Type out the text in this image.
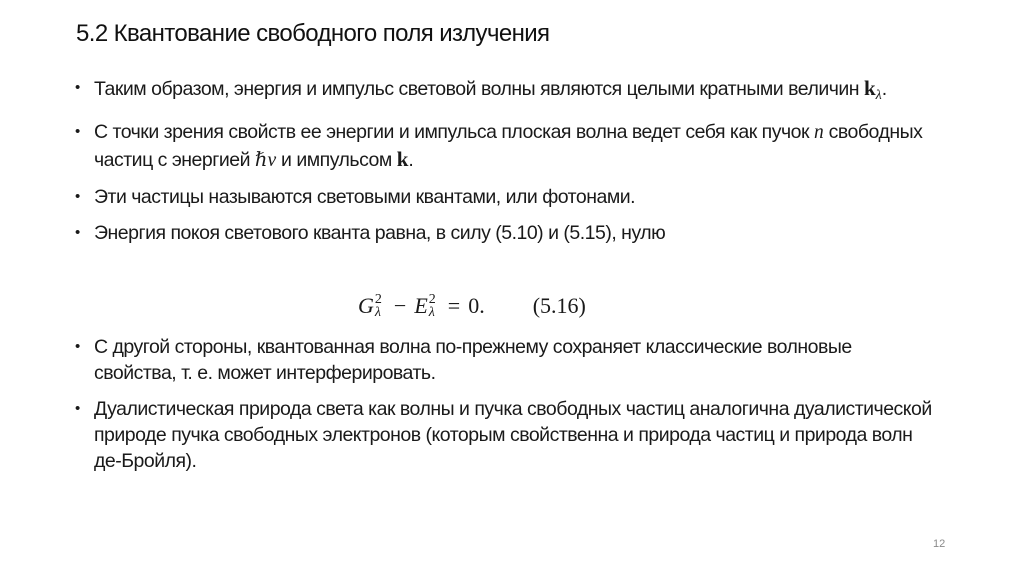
5.2 Квантование свободного поля излучения
• Таким образом, энергия и импульс световой волны являются целыми кратными величин $k_\lambda$.
• С точки зрения свойств ее энергии и импульса плоская волна ведет себя как пучок n свободных частиц с энергией ℏν и импульсом k.
• Эти частицы называются световыми квантами, или фотонами.
• Энергия покоя светового кванта равна, в силу (5.10) и (5.15), нулю
G 2
λ − E 2
λ = 0. (5.16)
• С другой стороны, квантованная волна по-прежнему сохраняет классические волновые свойства, т. е. может интерферировать.
• Дуалистическая природа света как волны и пучка свободных частиц аналогична дуалистической природе пучка свободных электронов (которым свойственна и природа частиц и природа волн де-Бройля).
12
